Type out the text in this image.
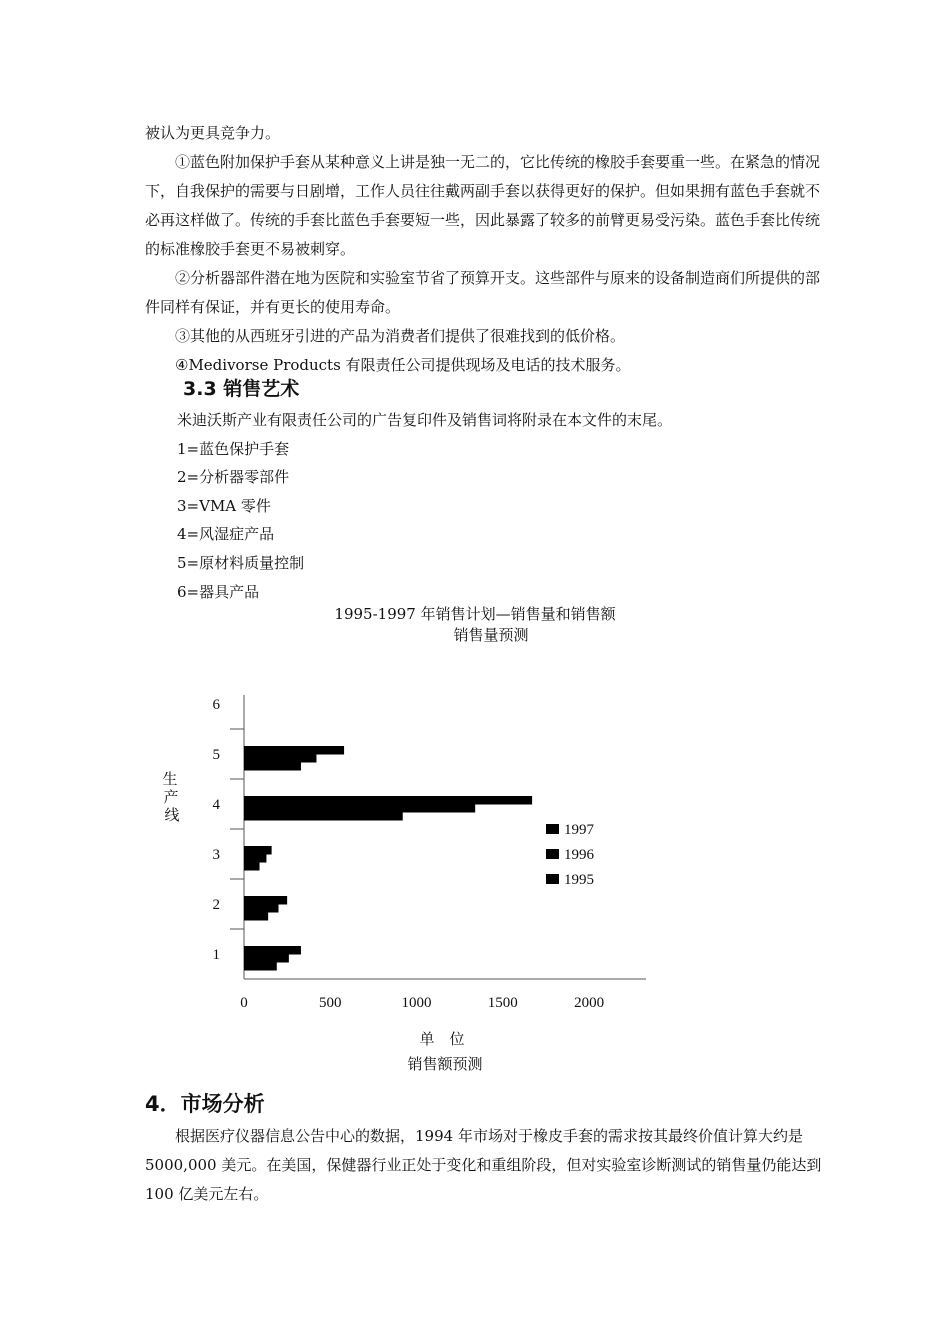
被认为更具竞争力。

①蓝色附加保护手套从某种意义上讲是独一无二的，它比传统的橡胶手套要重一些。在紧急的情况下，自我保护的需要与日剧增，工作人员往往戴两副手套以获得更好的保护。但如果拥有蓝色手套就不必再这样做了。传统的手套比蓝色手套要短一些，因此暴露了较多的前臂更易受污染。蓝色手套比传统的标准橡胶手套更不易被刺穿。

②分析器部件潜在地为医院和实验室节省了预算开支。这些部件与原来的设备制造商们所提供的部件同样有保证，并有更长的使用寿命。

③其他的从西班牙引进的产品为消费者们提供了很难找到的低价格。

④Medivorse Products 有限责任公司提供现场及电话的技术服务。

3.3 销售艺术
米迪沃斯产业有限责任公司的广告复印件及销售词将附录在本文件的末尾。
1=蓝色保护手套
2=分析器零部件
3=VMA 零件
4=风湿症产品
5=原材料质量控制
6=器具产品

1995-1997 年销售计划—销售量和销售额

销售量预测

1
2
3
4
5
6
0	500	1000	1500	2000
单　位
生
产
线
1997
1996
1995

销售额预测

4．市场分析

根据医疗仪器信息公告中心的数据，1994 年市场对于橡皮手套的需求按其最终价值计算大约是 5000,000 美元。在美国，保健器行业正处于变化和重组阶段，但对实验室诊断测试的销售量仍能达到 100 亿美元左右。
